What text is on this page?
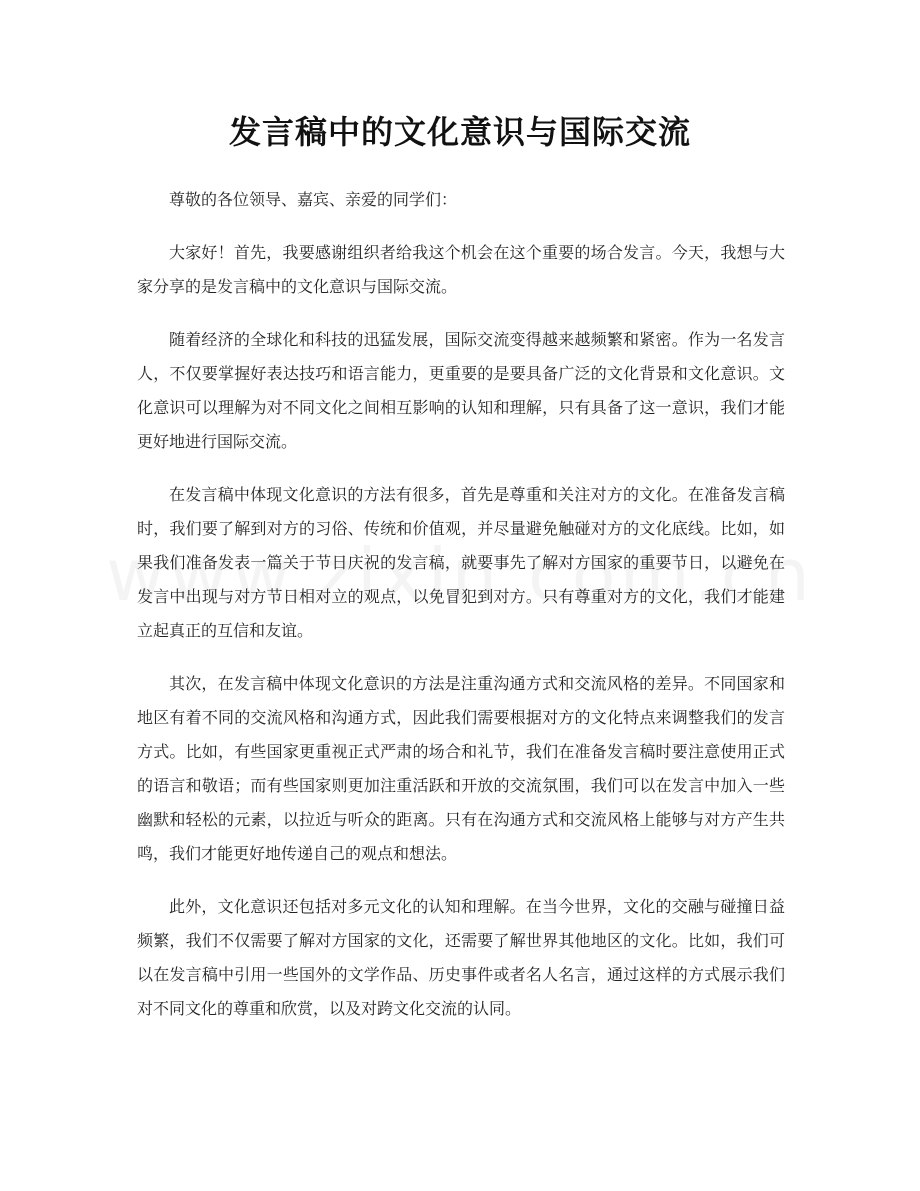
发言稿中的文化意识与国际交流

尊敬的各位领导、嘉宾、亲爱的同学们：

大家好！首先，我要感谢组织者给我这个机会在这个重要的场合发言。今天，我想与大家分享的是发言稿中的文化意识与国际交流。

随着经济的全球化和科技的迅猛发展，国际交流变得越来越频繁和紧密。作为一名发言人，不仅要掌握好表达技巧和语言能力，更重要的是要具备广泛的文化背景和文化意识。文化意识可以理解为对不同文化之间相互影响的认知和理解，只有具备了这一意识，我们才能更好地进行国际交流。

在发言稿中体现文化意识的方法有很多，首先是尊重和关注对方的文化。在准备发言稿时，我们要了解到对方的习俗、传统和价值观，并尽量避免触碰对方的文化底线。比如，如果我们准备发表一篇关于节日庆祝的发言稿，就要事先了解对方国家的重要节日，以避免在发言中出现与对方节日相对立的观点，以免冒犯到对方。只有尊重对方的文化，我们才能建立起真正的互信和友谊。

其次，在发言稿中体现文化意识的方法是注重沟通方式和交流风格的差异。不同国家和地区有着不同的交流风格和沟通方式，因此我们需要根据对方的文化特点来调整我们的发言方式。比如，有些国家更重视正式严肃的场合和礼节，我们在准备发言稿时要注意使用正式的语言和敬语；而有些国家则更加注重活跃和开放的交流氛围，我们可以在发言中加入一些幽默和轻松的元素，以拉近与听众的距离。只有在沟通方式和交流风格上能够与对方产生共鸣，我们才能更好地传递自己的观点和想法。

此外，文化意识还包括对多元文化的认知和理解。在当今世界，文化的交融与碰撞日益频繁，我们不仅需要了解对方国家的文化，还需要了解世界其他地区的文化。比如，我们可以在发言稿中引用一些国外的文学作品、历史事件或者名人名言，通过这样的方式展示我们对不同文化的尊重和欣赏，以及对跨文化交流的认同。
